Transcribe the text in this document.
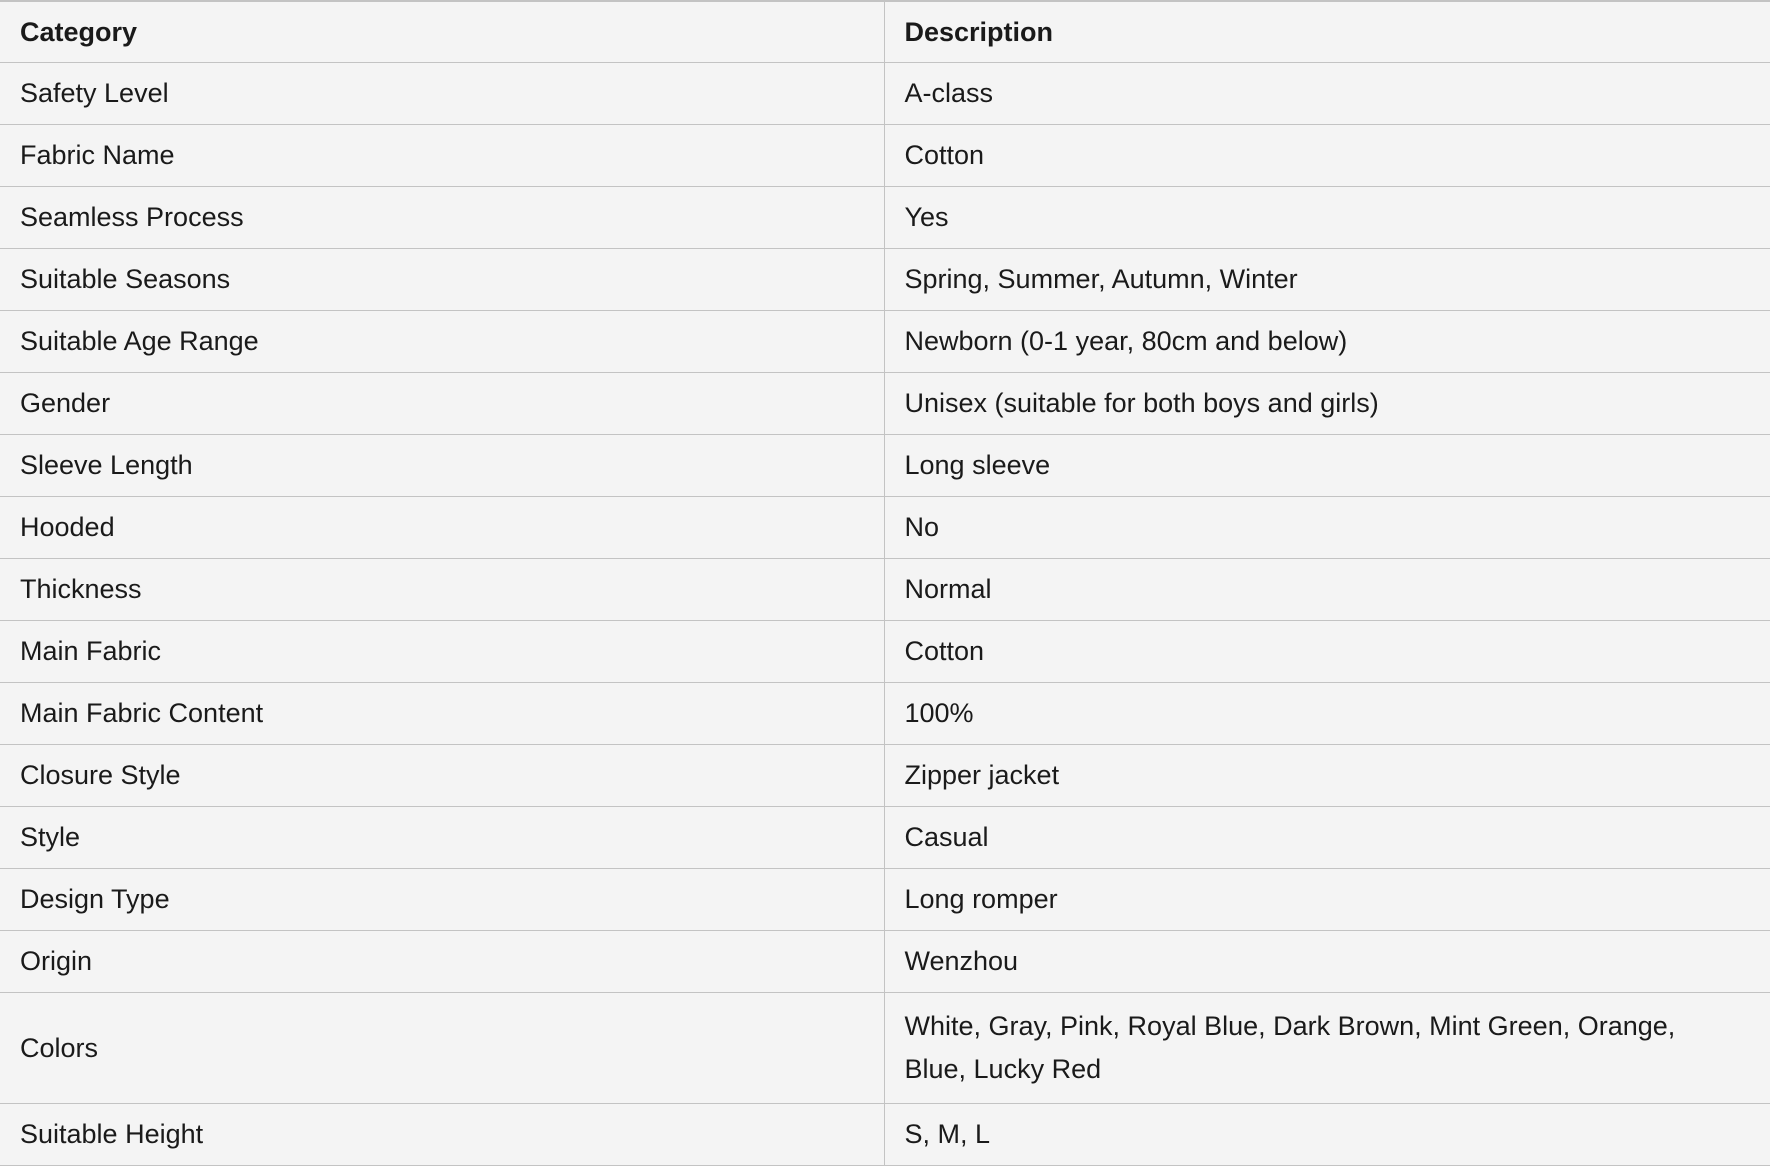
Category	Description
Safety Level	A-class
Fabric Name	Cotton
Seamless Process	Yes
Suitable Seasons	Spring, Summer, Autumn, Winter
Suitable Age Range	Newborn (0-1 year, 80cm and below)
Gender	Unisex (suitable for both boys and girls)
Sleeve Length	Long sleeve
Hooded	No
Thickness	Normal
Main Fabric	Cotton
Main Fabric Content	100%
Closure Style	Zipper jacket
Style	Casual
Design Type	Long romper
Origin	Wenzhou
Colors	White, Gray, Pink, Royal Blue, Dark Brown, Mint Green, Orange, Blue, Lucky Red
Suitable Height	S, M, L
